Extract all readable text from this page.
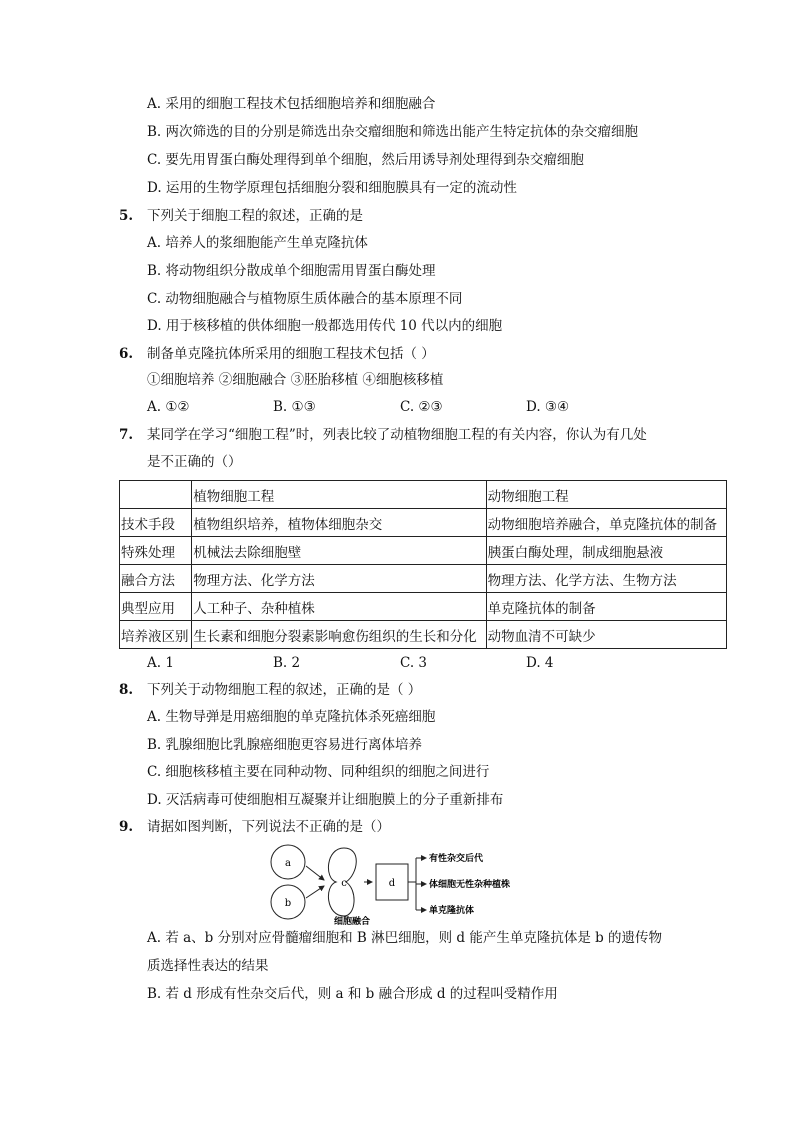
A. 采用的细胞工程技术包括细胞培养和细胞融合
B. 两次筛选的目的分别是筛选出杂交瘤细胞和筛选出能产生特定抗体的杂交瘤细胞
C. 要先用胃蛋白酶处理得到单个细胞，然后用诱导剂处理得到杂交瘤细胞
D. 运用的生物学原理包括细胞分裂和细胞膜具有一定的流动性
5. 下列关于细胞工程的叙述，正确的是
A. 培养人的浆细胞能产生单克隆抗体
B. 将动物组织分散成单个细胞需用胃蛋白酶处理
C. 动物细胞融合与植物原生质体融合的基本原理不同
D. 用于核移植的供体细胞一般都选用传代 10 代以内的细胞
6. 制备单克隆抗体所采用的细胞工程技术包括（ ）
①细胞培养 ②细胞融合 ③胚胎移植 ④细胞核移植
A. ①②	B. ①③	C. ②③	D. ③④
7. 某同学在学习“细胞工程”时，列表比较了动植物细胞工程的有关内容，你认为有几处
是不正确的（）
	植物细胞工程	动物细胞工程
技术手段	植物组织培养，植物体细胞杂交	动物细胞培养融合，单克隆抗体的制备
特殊处理	机械法去除细胞壁	胰蛋白酶处理，制成细胞悬液
融合方法	物理方法、化学方法	物理方法、化学方法、生物方法
典型应用	人工种子、杂种植株	单克隆抗体的制备
培养液区别	生长素和细胞分裂素影响愈伤组织的生长和分化	动物血清不可缺少
A. 1	B. 2	C. 3	D. 4
8. 下列关于动物细胞工程的叙述，正确的是（ ）
A. 生物导弹是用癌细胞的单克隆抗体杀死癌细胞
B. 乳腺细胞比乳腺癌细胞更容易进行离体培养
C. 细胞核移植主要在同种动物、同种组织的细胞之间进行
D. 灭活病毒可使细胞相互凝聚并让细胞膜上的分子重新排布
9. 请据如图判断，下列说法不正确的是（）
a
b
c
细胞融合
d
有性杂交后代
体细胞无性杂种植株
单克隆抗体
A. 若 a、b 分别对应骨髓瘤细胞和 B 淋巴细胞，则 d 能产生单克隆抗体是 b 的遗传物
质选择性表达的结果
B. 若 d 形成有性杂交后代，则 a 和 b 融合形成 d 的过程叫受精作用
